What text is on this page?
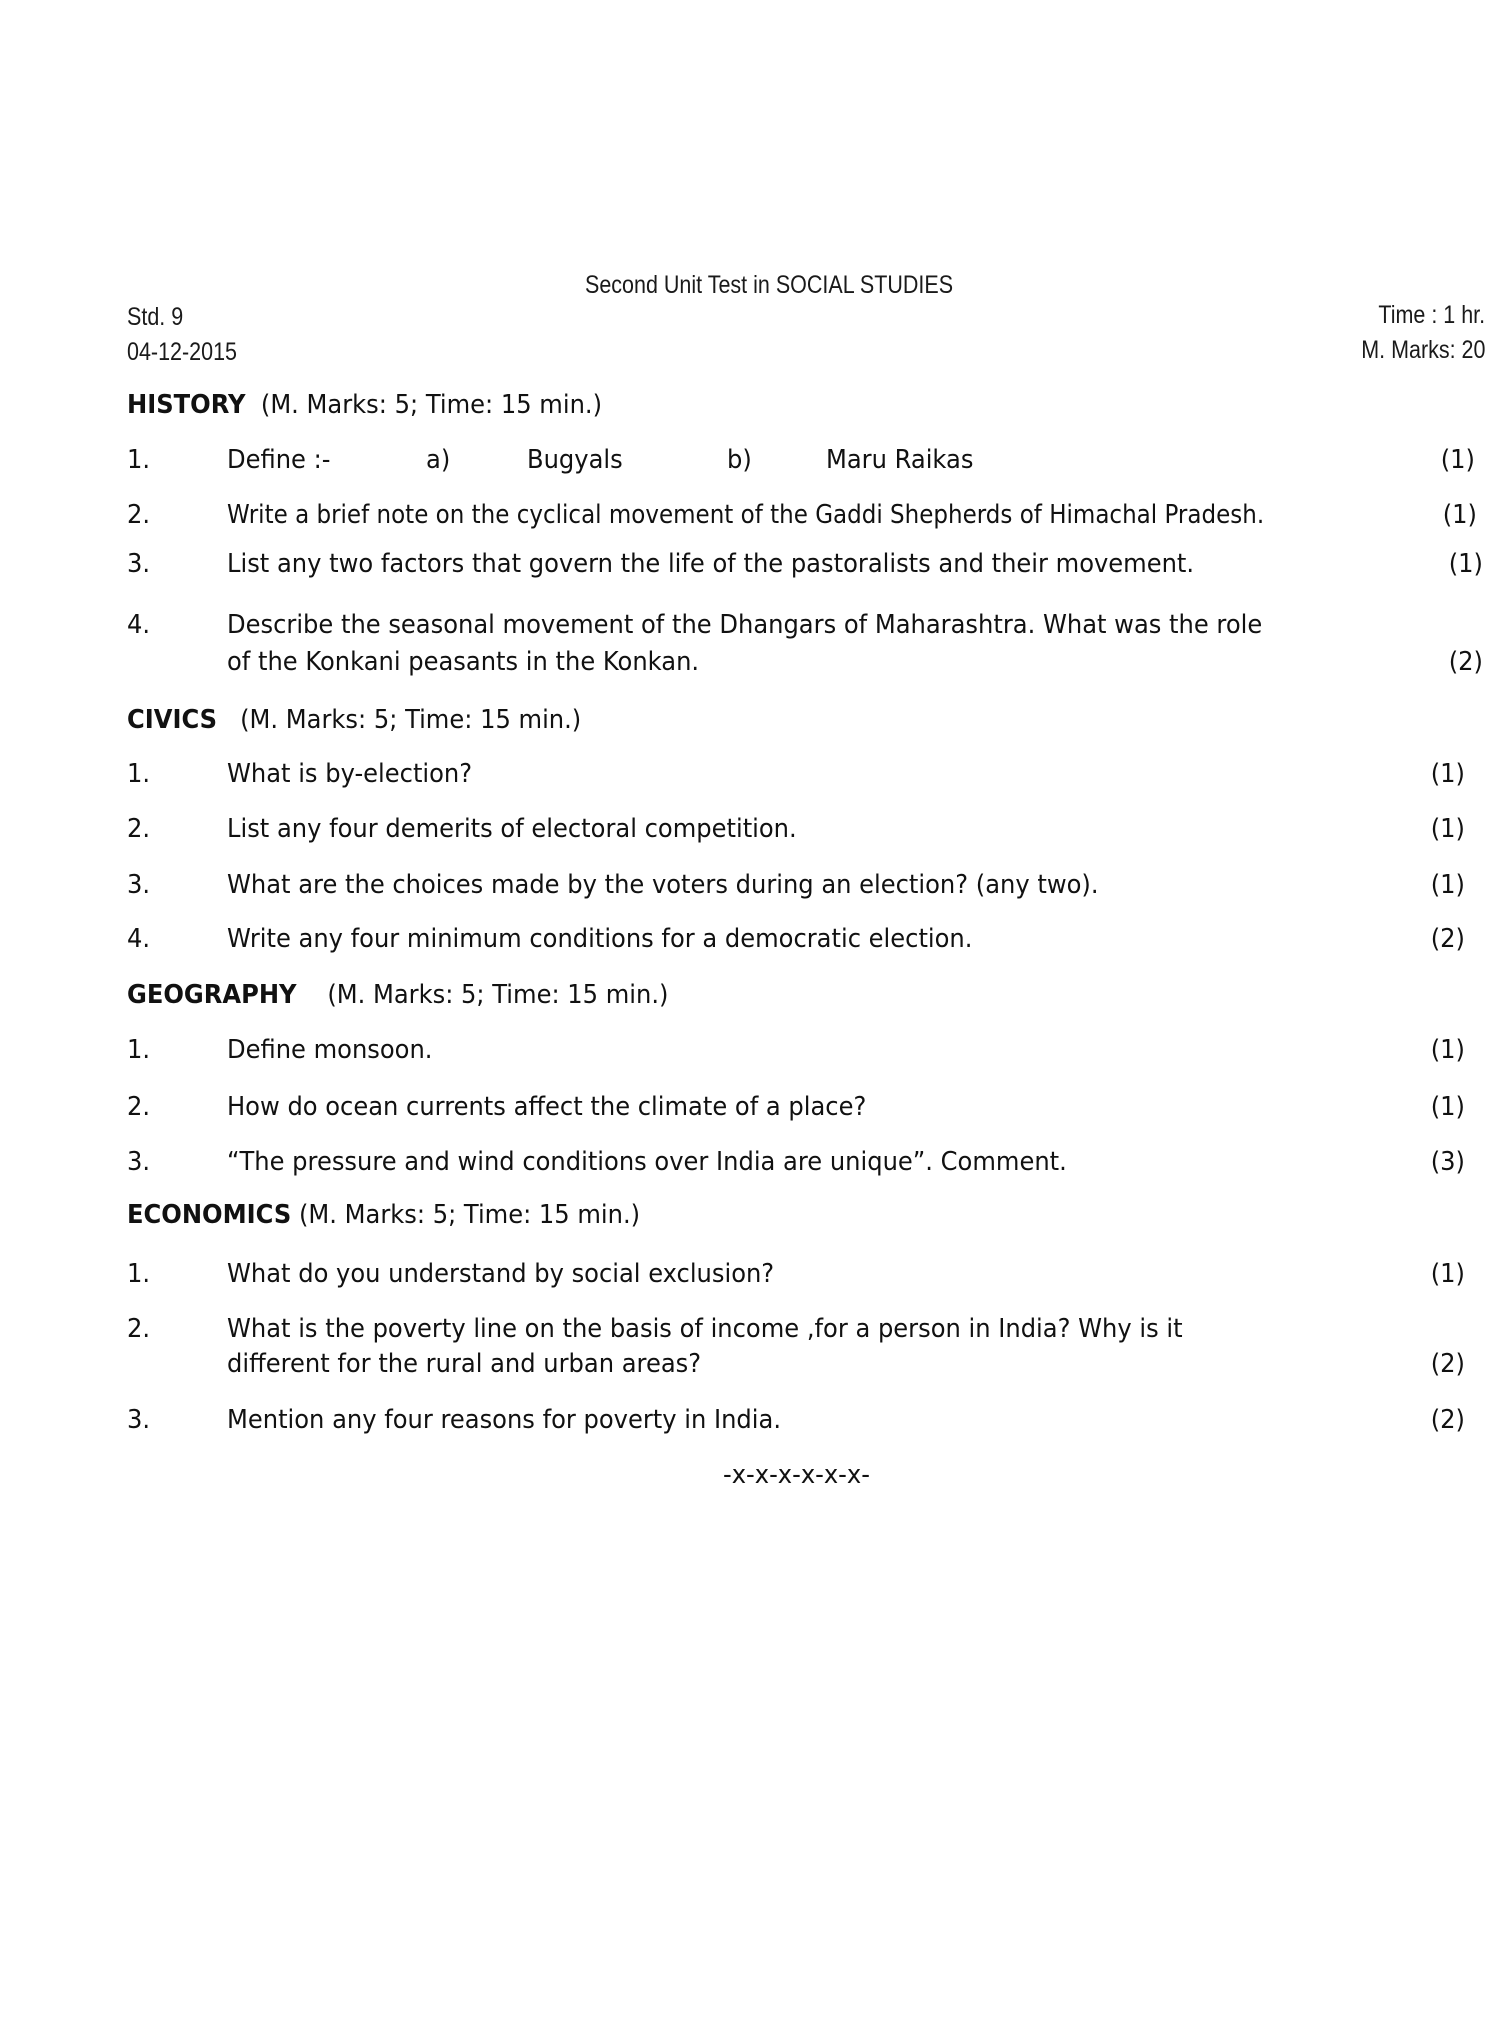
Second Unit Test in SOCIAL STUDIES
Std. 9
04-12-2015
Time : 1 hr.
M. Marks: 20
HISTORY (M. Marks: 5; Time: 15 min.)
1.	Define :-	a)	Bugyals	b)	Maru Raikas	(1)
2.	Write a brief note on the cyclical movement of the Gaddi Shepherds of Himachal Pradesh.	(1)
3.	List any two factors that govern the life of the pastoralists and their movement.	(1)
4.	Describe the seasonal movement of the Dhangars of Maharashtra. What was the role
of the Konkani peasants in the Konkan.	(2)
CIVICS (M. Marks: 5; Time: 15 min.)
1.	What is by-election?	(1)
2.	List any four demerits of electoral competition.	(1)
3.	What are the choices made by the voters during an election? (any two).	(1)
4.	Write any four minimum conditions for a democratic election.	(2)
GEOGRAPHY (M. Marks: 5; Time: 15 min.)
1.	Define monsoon.	(1)
2.	How do ocean currents affect the climate of a place?	(1)
3.	“The pressure and wind conditions over India are unique”. Comment.	(3)
ECONOMICS (M. Marks: 5; Time: 15 min.)
1.	What do you understand by social exclusion?	(1)
2.	What is the poverty line on the basis of income ,for a person in India? Why is it
different for the rural and urban areas?	(2)
3.	Mention any four reasons for poverty in India.	(2)
-x-x-x-x-x-x-
